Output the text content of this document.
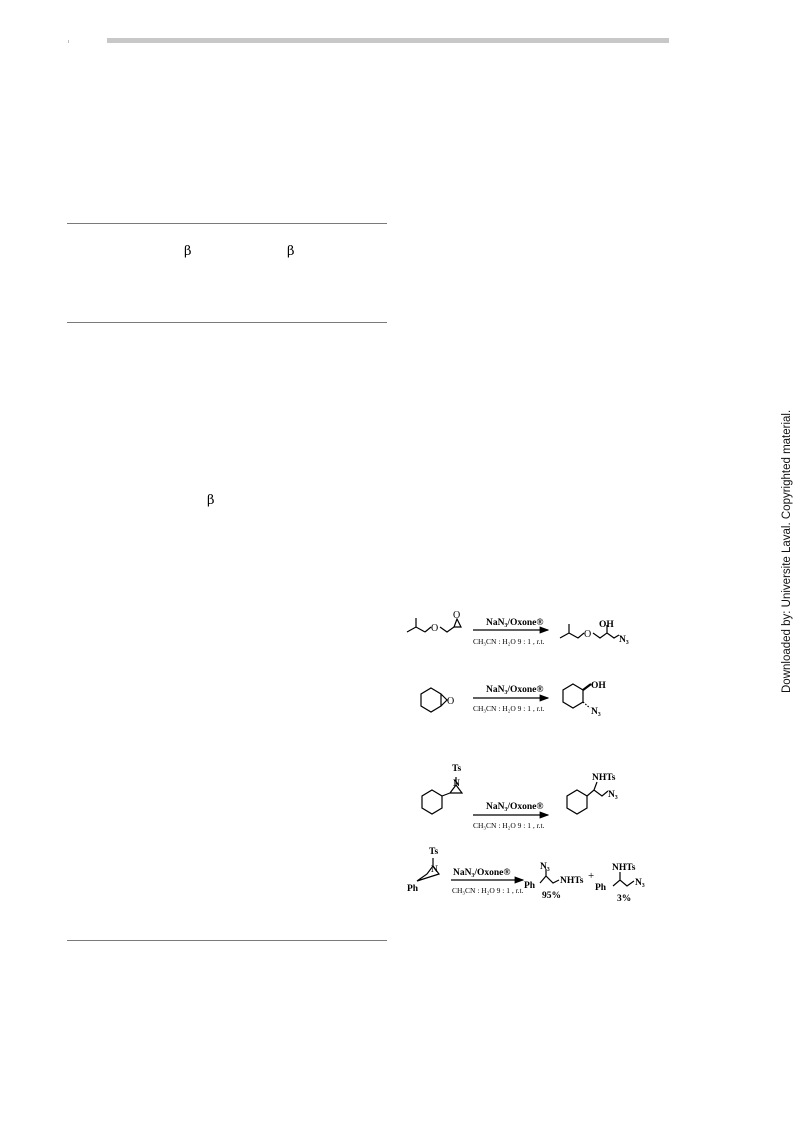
β	β
β	Downloaded by: Universite Laval. Copyrighted material.
NaN₃/Oxone®
CH₃CN : H₂O 9 : 1 , r.t.
O
O
O
OH
N₃
NaN₃/Oxone®
CH₃CN : H₂O 9 : 1 , r.t.
O
OH
N₃
Ts
N
NaN₃/Oxone®
CH₃CN : H₂O 9 : 1 , r.t.
NHTs
N₃
Ts
N
Ph
NaN₃/Oxone®
CH₃CN : H₂O 9 : 1 , r.t.
N₃
NHTs
Ph
95%
+
NHTs
N₃
Ph
3%
